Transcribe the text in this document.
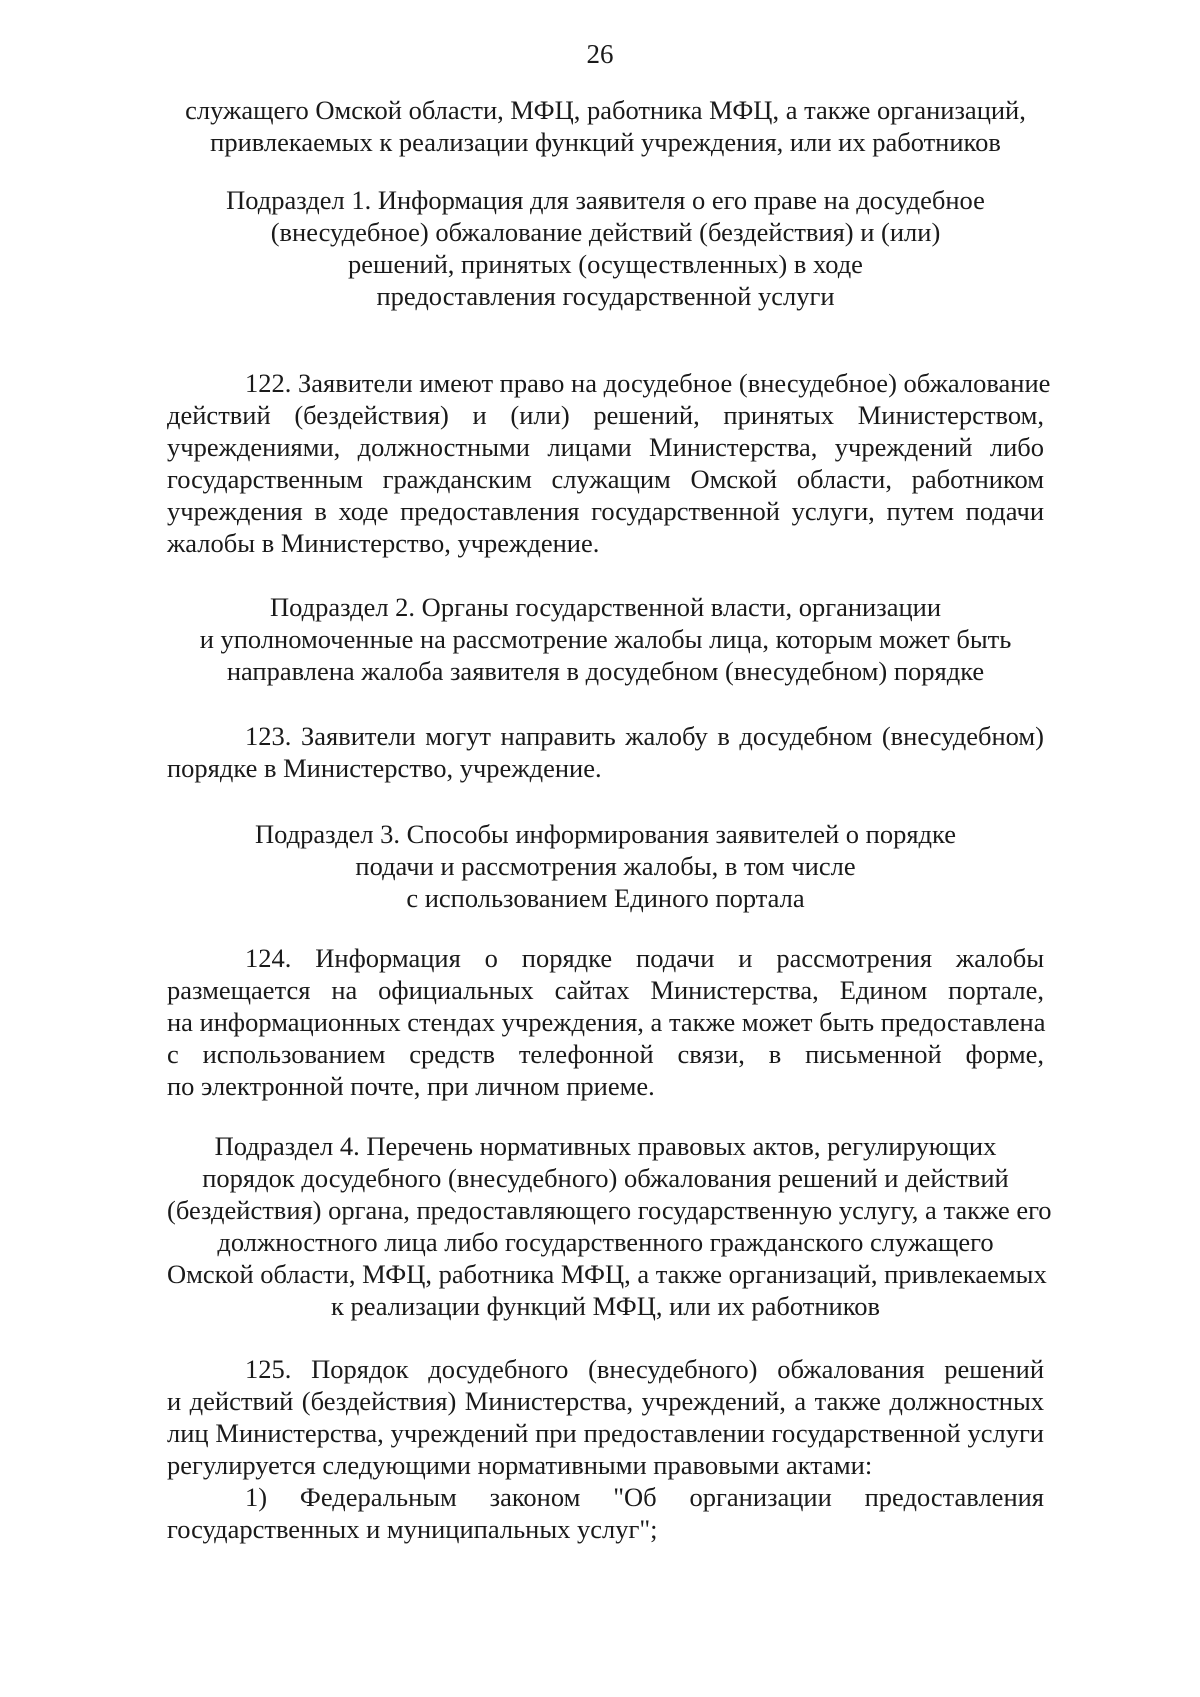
26
служащего Омской области, МФЦ, работника МФЦ, а также организаций,
привлекаемых к реализации функций учреждения, или их работников
Подраздел 1. Информация для заявителя о его праве на досудебное
(внесудебное) обжалование действий (бездействия) и (или)
решений, принятых (осуществленных) в ходе
предоставления государственной услуги
122. Заявители имеют право на досудебное (внесудебное) обжалование
действий (бездействия) и (или) решений, принятых Министерством,
учреждениями, должностными лицами Министерства, учреждений либо
государственным гражданским служащим Омской области, работником
учреждения в ходе предоставления государственной услуги, путем подачи
жалобы в Министерство, учреждение.
Подраздел 2. Органы государственной власти, организации
и уполномоченные на рассмотрение жалобы лица, которым может быть
направлена жалоба заявителя в досудебном (внесудебном) порядке
123. Заявители могут направить жалобу в досудебном (внесудебном)
порядке в Министерство, учреждение.
Подраздел 3. Способы информирования заявителей о порядке
подачи и рассмотрения жалобы, в том числе
с использованием Единого портала
124. Информация о порядке подачи и рассмотрения жалобы
размещается на официальных сайтах Министерства, Едином портале,
на информационных стендах учреждения, а также может быть предоставлена
с использованием средств телефонной связи, в письменной форме,
по электронной почте, при личном приеме.
Подраздел 4. Перечень нормативных правовых актов, регулирующих
порядок досудебного (внесудебного) обжалования решений и действий
(бездействия) органа, предоставляющего государственную услугу, а также его
должностного лица либо государственного гражданского служащего
Омской области, МФЦ, работника МФЦ, а также организаций, привлекаемых
к реализации функций МФЦ, или их работников
125. Порядок досудебного (внесудебного) обжалования решений
и действий (бездействия) Министерства, учреждений, а также должностных
лиц Министерства, учреждений при предоставлении государственной услуги
регулируется следующими нормативными правовыми актами:
1) Федеральным законом "Об организации предоставления
государственных и муниципальных услуг";
